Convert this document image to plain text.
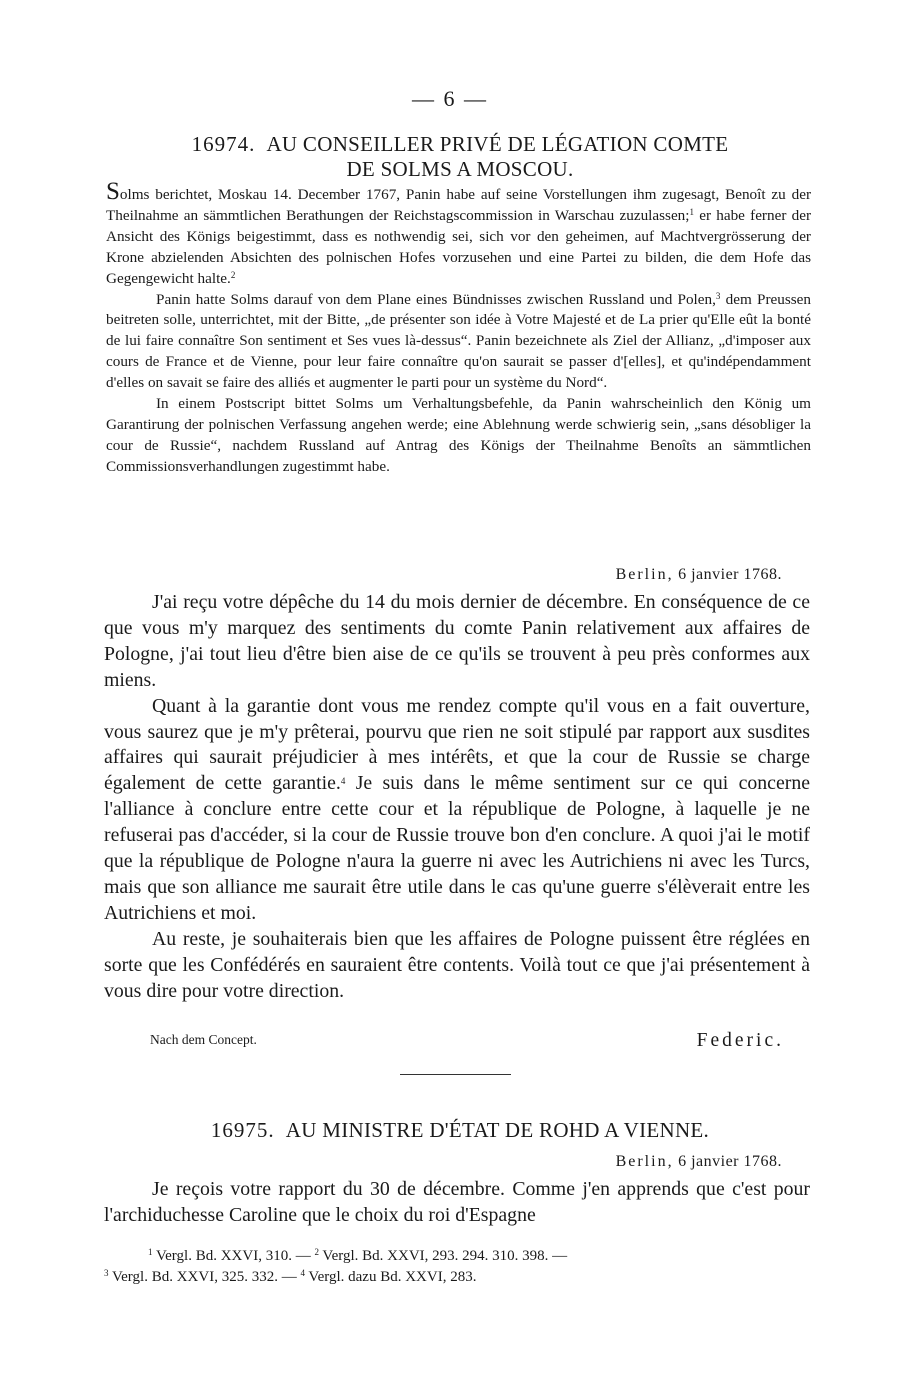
— 6 —
16974. AU CONSEILLER PRIVÉ DE LÉGATION COMTE
DE SOLMS A MOSCOU.

Solms berichtet, Moskau 14. December 1767, Panin habe auf seine Vorstellungen ihm zugesagt, Benoît zu der Theilnahme an sämmtlichen Berathungen der Reichstagscommission in Warschau zuzulassen;$^1$ er habe ferner der Ansicht des Königs beigestimmt, dass es nothwendig sei, sich vor den geheimen, auf Machtvergrösserung der Krone abzielenden Absichten des polnischen Hofes vorzusehen und eine Partei zu bilden, die dem Hofe das Gegengewicht halte.$^2$

Panin hatte Solms darauf von dem Plane eines Bündnisses zwischen Russland und Polen,$^3$ dem Preussen beitreten solle, unterrichtet, mit der Bitte, „de présenter son idée à Votre Majesté et de La prier qu'Elle eût la bonté de lui faire connaître Son sentiment et Ses vues là-dessus“. Panin bezeichnete als Ziel der Allianz, „d'imposer aux cours de France et de Vienne, pour leur faire connaître qu'on saurait se passer d'[elles], et qu'indépendamment d'elles on savait se faire des alliés et augmenter le parti pour un système du Nord“.

In einem Postscript bittet Solms um Verhaltungsbefehle, da Panin wahrscheinlich den König um Garantirung der polnischen Verfassung angehen werde; eine Ablehnung werde schwierig sein, „sans désobliger la cour de Russie“, nachdem Russland auf Antrag des Königs der Theilnahme Benoîts an sämmtlichen Commissionsverhandlungen zugestimmt habe.

Berlin, 6 janvier 1768.

J'ai reçu votre dépêche du 14 du mois dernier de décembre. En conséquence de ce que vous m'y marquez des sentiments du comte Panin relativement aux affaires de Pologne, j'ai tout lieu d'être bien aise de ce qu'ils se trouvent à peu près conformes aux miens.

Quant à la garantie dont vous me rendez compte qu'il vous en a fait ouverture, vous saurez que je m'y prêterai, pourvu que rien ne soit stipulé par rapport aux susdites affaires qui saurait préjudicier à mes intérêts, et que la cour de Russie se charge également de cette garantie.$^4$ Je suis dans le même sentiment sur ce qui concerne l'alliance à conclure entre cette cour et la république de Pologne, à laquelle je ne refuserai pas d'accéder, si la cour de Russie trouve bon d'en conclure. A quoi j'ai le motif que la république de Pologne n'aura la guerre ni avec les Autrichiens ni avec les Turcs, mais que son alliance me saurait être utile dans le cas qu'une guerre s'élèverait entre les Autrichiens et moi.

Au reste, je souhaiterais bien que les affaires de Pologne puissent être réglées en sorte que les Confédérés en sauraient être contents. Voilà tout ce que j'ai présentement à vous dire pour votre direction.

Nach dem Concept.	Federic.
16975. AU MINISTRE D'ÉTAT DE ROHD A VIENNE.
Berlin, 6 janvier 1768.

Je reçois votre rapport du 30 de décembre. Comme j'en apprends que c'est pour l'archiduchesse Caroline que le choix du roi d'Espagne

$^1$ Vergl. Bd. XXVI, 310. — $^2$ Vergl. Bd. XXVI, 293. 294. 310. 398. —

$^3$ Vergl. Bd. XXVI, 325. 332. — $^4$ Vergl. dazu Bd. XXVI, 283.
